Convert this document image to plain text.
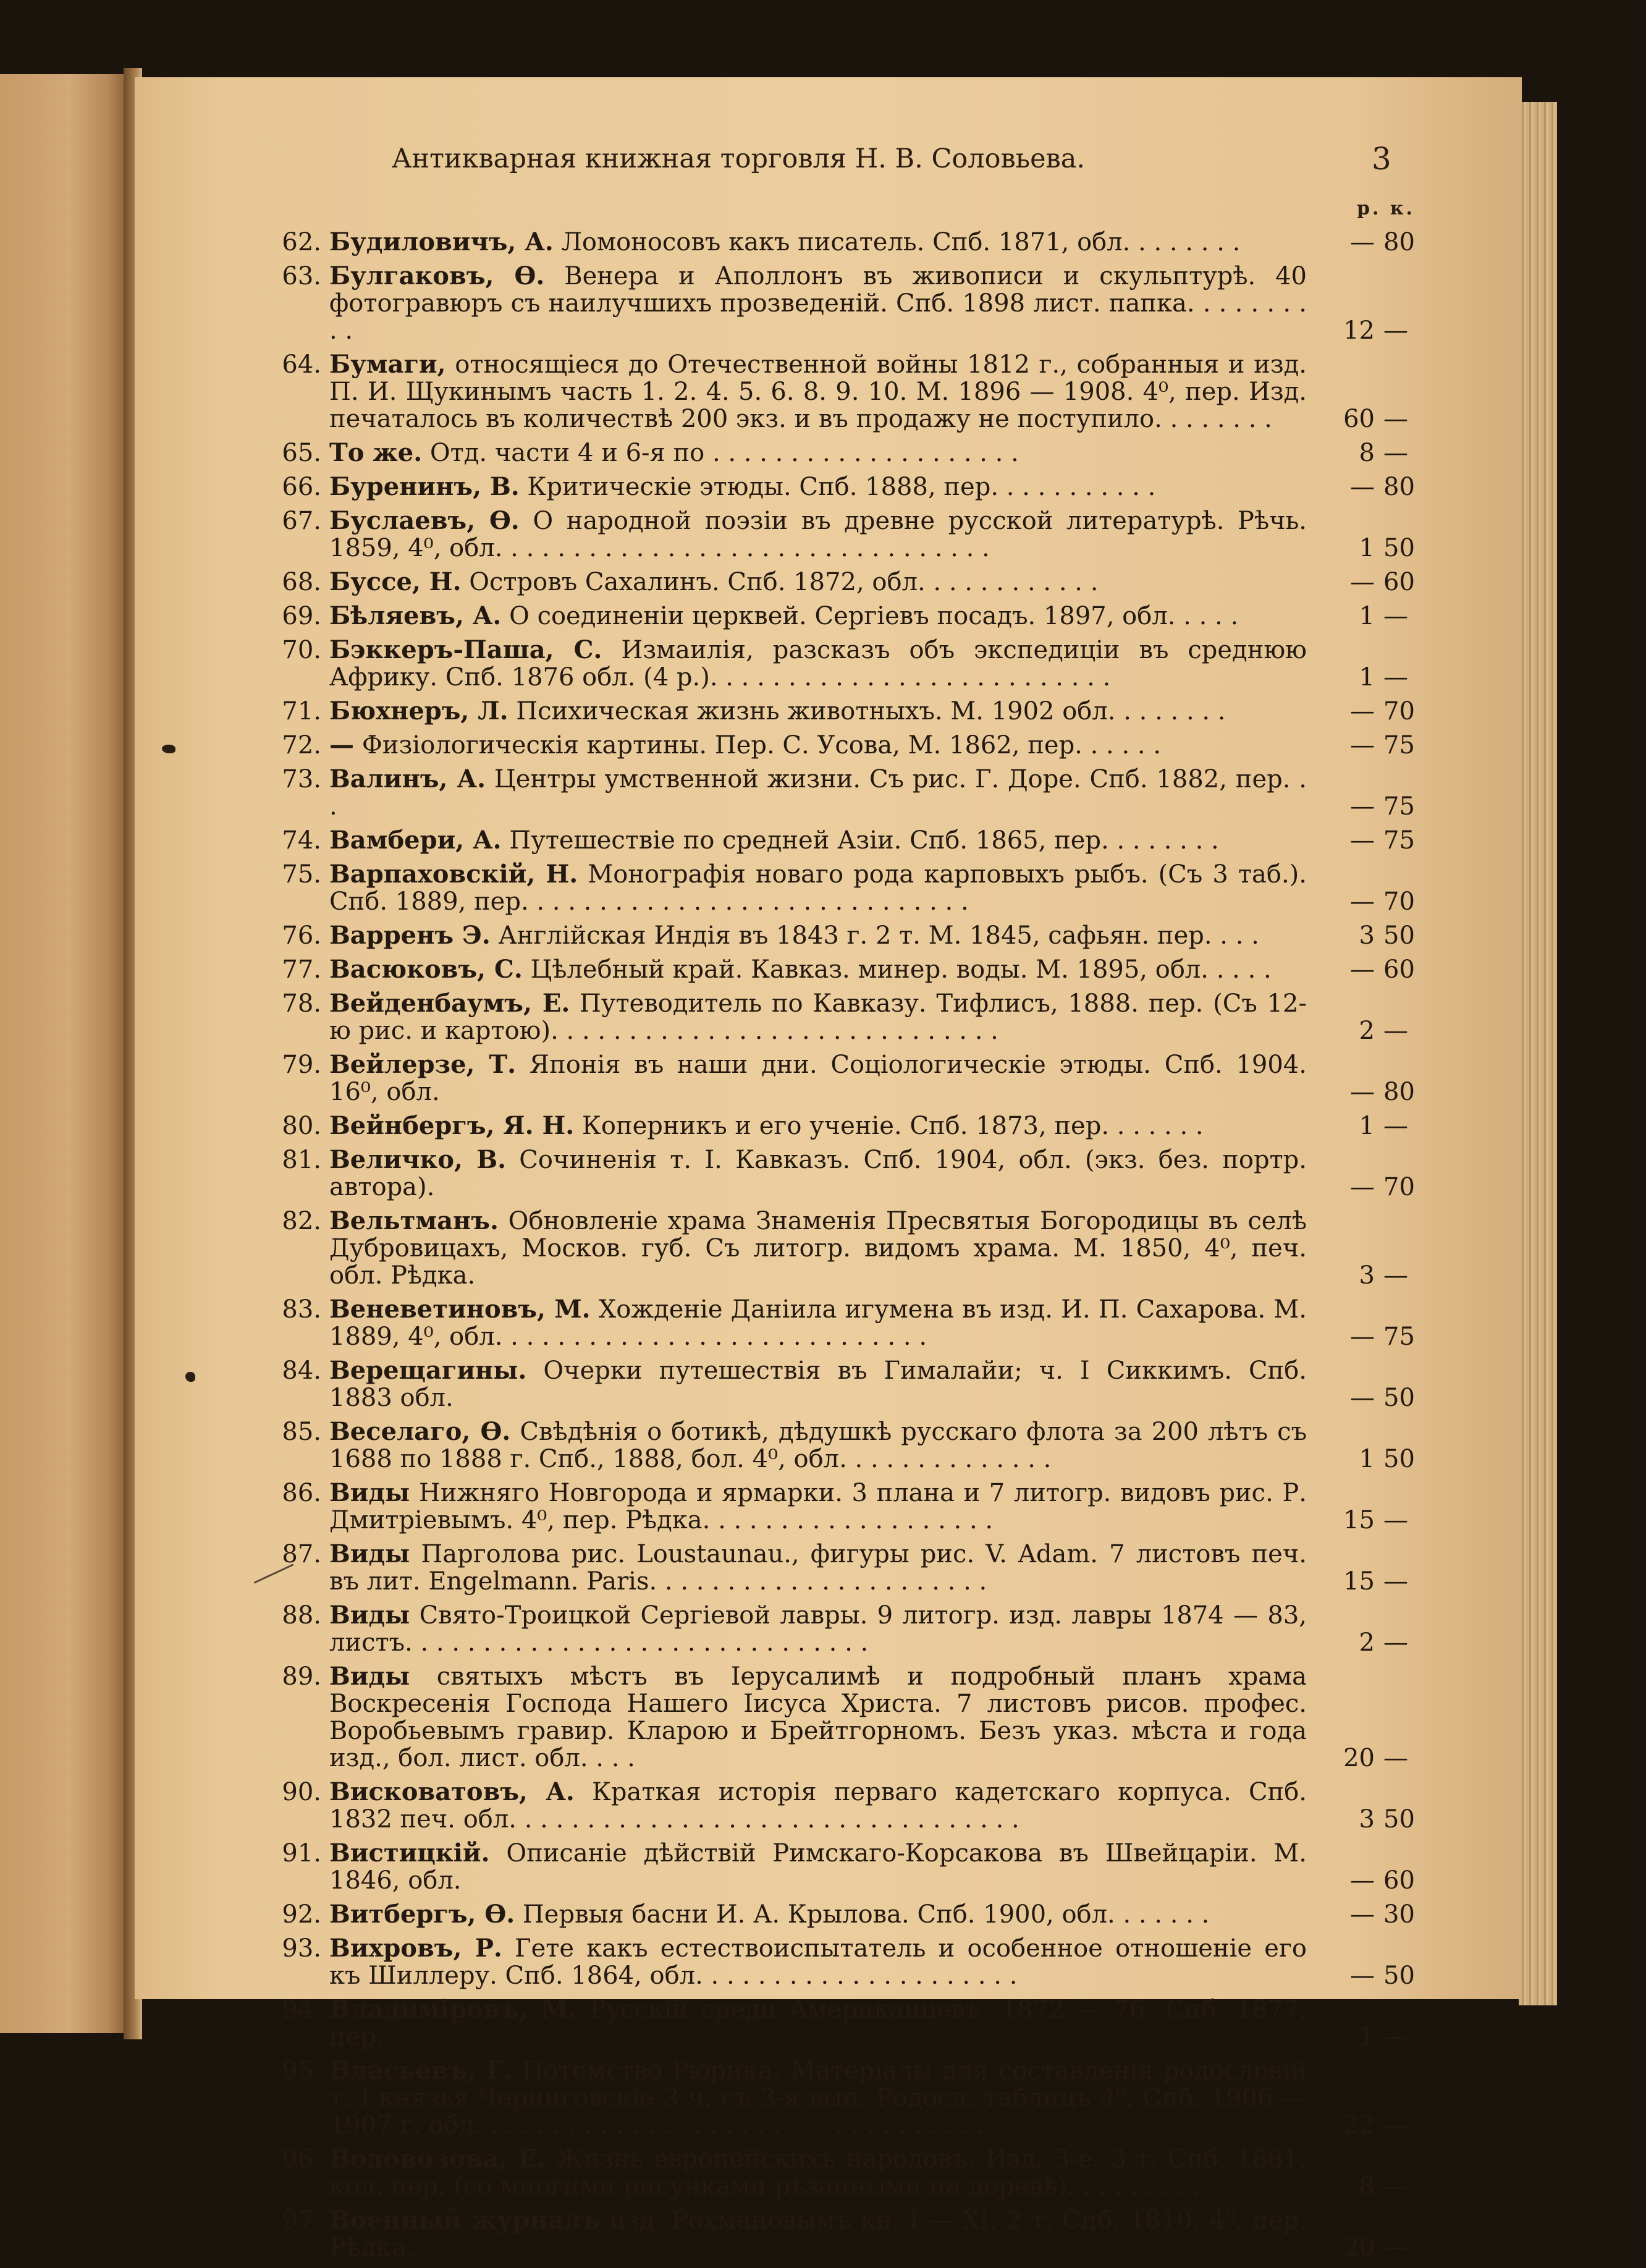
Антикварная книжная торговля Н. В. Соловьева.	3
р. к.
62. Будиловичъ, А. Ломоносовъ какъ писатель. Спб. 1871, обл. . . . . . . .	— 80
63. Булгаковъ, Ѳ. Венера и Аполлонъ въ живописи и скульптурѣ. 40 фотогравюръ съ наилучшихъ прозведеній. Спб. 1898 лист. папка. . . . . . . . . .	12 —
64. Бумаги, относящіеся до Отечественной войны 1812 г., собранныя и изд. П. И. Щукинымъ часть 1. 2. 4. 5. 6. 8. 9. 10. М. 1896 — 1908. 4⁰, пер. Изд. печаталось въ количествѣ 200 экз. и въ продажу не поступило. . . . . . . .	60 —
65. То же. Отд. части 4 и 6-я по . . . . . . . . . . . . . . . . . . . .	8 —
66. Буренинъ, В. Критическіе этюды. Спб. 1888, пер. . . . . . . . . . .	— 80
67. Буслаевъ, Ѳ. О народной поэзіи въ древне русской литературѣ. Рѣчь. 1859, 4⁰, обл. . . . . . . . . . . . . . . . . . . . . . . . . . . . . . . .	1 50
68. Буссе, Н. Островъ Сахалинъ. Спб. 1872, обл. . . . . . . . . . . .	— 60
69. Бѣляевъ, А. О соединеніи церквей. Сергіевъ посадъ. 1897, обл. . . . .	1 —
70. Бэккеръ-Паша, С. Измаилія, разсказъ объ экспедиціи въ среднюю Африку. Спб. 1876 обл. (4 р.). . . . . . . . . . . . . . . . . . . . . . . . . .	1 —
71. Бюхнеръ, Л. Психическая жизнь животныхъ. М. 1902 обл. . . . . . . .	— 70
72. — Физіологическія картины. Пер. С. Усова, М. 1862, пер. . . . . .	— 75
73. Валинъ, А. Центры умственной жизни. Съ рис. Г. Доре. Спб. 1882, пер. . .	— 75
74. Вамбери, А. Путешествіе по средней Азіи. Спб. 1865, пер. . . . . . . .	— 75
75. Варпаховскій, Н. Монографія новаго рода карповыхъ рыбъ. (Съ 3 таб.). Спб. 1889, пер. . . . . . . . . . . . . . . . . . . . . . . . . . . . .	— 70
76. Варренъ Э. Англійская Индія въ 1843 г. 2 т. М. 1845, сафьян. пер. . . .	3 50
77. Васюковъ, С. Цѣлебный край. Кавказ. минер. воды. М. 1895, обл. . . . .	— 60
78. Вейденбаумъ, Е. Путеводитель по Кавказу. Тифлисъ, 1888. пер. (Съ 12-ю рис. и картою). . . . . . . . . . . . . . . . . . . . . . . . . . . . .	2 —
79. Вейлерзе, Т. Японія въ наши дни. Соціологическіе этюды. Спб. 1904. 16⁰, обл.	— 80
80. Вейнбергъ, Я. Н. Коперникъ и его ученіе. Спб. 1873, пер. . . . . . .	1 —
81. Величко, В. Сочиненія т. I. Кавказъ. Спб. 1904, обл. (экз. без. портр. автора).	— 70
82. Вельтманъ. Обновленіе храма Знаменія Пресвятыя Богородицы въ селѣ Дубровицахъ, Москов. губ. Съ литогр. видомъ храма. М. 1850, 4⁰, печ. обл. Рѣдка.	3 —
83. Веневетиновъ, М. Хожденіе Даніила игумена въ изд. И. П. Сахарова. М. 1889, 4⁰, обл. . . . . . . . . . . . . . . . . . . . . . . . . . . .	— 75
84. Верещагины. Очерки путешествія въ Гималайи; ч. I Сиккимъ. Спб. 1883 обл.	— 50
85. Веселаго, Ѳ. Свѣдѣнія о ботикѣ, дѣдушкѣ русскаго флота за 200 лѣтъ съ 1688 по 1888 г. Спб., 1888, бол. 4⁰, обл. . . . . . . . . . . . . .	1 50
86. Виды Нижняго Новгорода и ярмарки. 3 плана и 7 литогр. видовъ рис. Р. Дмитріевымъ. 4⁰, пер. Рѣдка. . . . . . . . . . . . . . . . . . .	15 —
87. Виды Парголова рис. Loustaunau., фигуры рис. V. Adam. 7 листовъ печ. въ лит. Engelmann. Paris. . . . . . . . . . . . . . . . . . . . . .	15 —
88. Виды Свято-Троицкой Сергіевой лавры. 9 литогр. изд. лавры 1874 — 83, листъ. . . . . . . . . . . . . . . . . . . . . . . . . . . . . .	2 —
89. Виды святыхъ мѣстъ въ Іерусалимѣ и подробный планъ храма Воскресенія Господа Нашего Іисуса Христа. 7 листовъ рисов. профес. Воробьевымъ гравир. Кларою и Брейтгорномъ. Безъ указ. мѣста и года изд., бол. лист. обл. . . .	20 —
90. Висковатовъ, А. Краткая исторія перваго кадетскаго корпуса. Спб. 1832 печ. обл. . . . . . . . . . . . . . . . . . . . . . . . . . . . . . . . .	3 50
91. Вистицкій. Описаніе дѣйствій Римскаго-Корсакова въ Швейцаріи. М. 1846, обл.	— 60
92. Витбергъ, Ѳ. Первыя басни И. А. Крылова. Спб. 1900, обл. . . . . . .	— 30
93. Вихровъ, Р. Гете какъ естествоиспытатель и особенное отношеніе его къ Шиллеру. Спб. 1864, обл. . . . . . . . . . . . . . . . . . . . .	— 50
94. Владиміровъ, М. Русскій среди Американцевъ. 1872 — 76. Спб. 1877, пер.	1 —
95. Власьевъ, Г. Потомство Рюрика. Матеріалы для составленія родословій т. I князья Черниговскіе 3 ч. съ 3-я вып. Родосл. таблицъ 4⁰, Спб. 1906 — 1907 г. обл. . . . . . . . . . . . . . . . . . . . . . . . . . . . . . . . .	22 —
96. Водовозова, Е. Жизнь европейскихъ народовъ. Изд. 3-е. 3 т. Спб. 1881, кол. пер. (со многими рисунками рѣзанными на деревѣ). . . . . . . . .	8 —
97. Военный журналъ изд. Рохмановымъ кн. I — XI. 2 т. Спб. 1810, 4⁰, пер. Рѣдка.	20 —
